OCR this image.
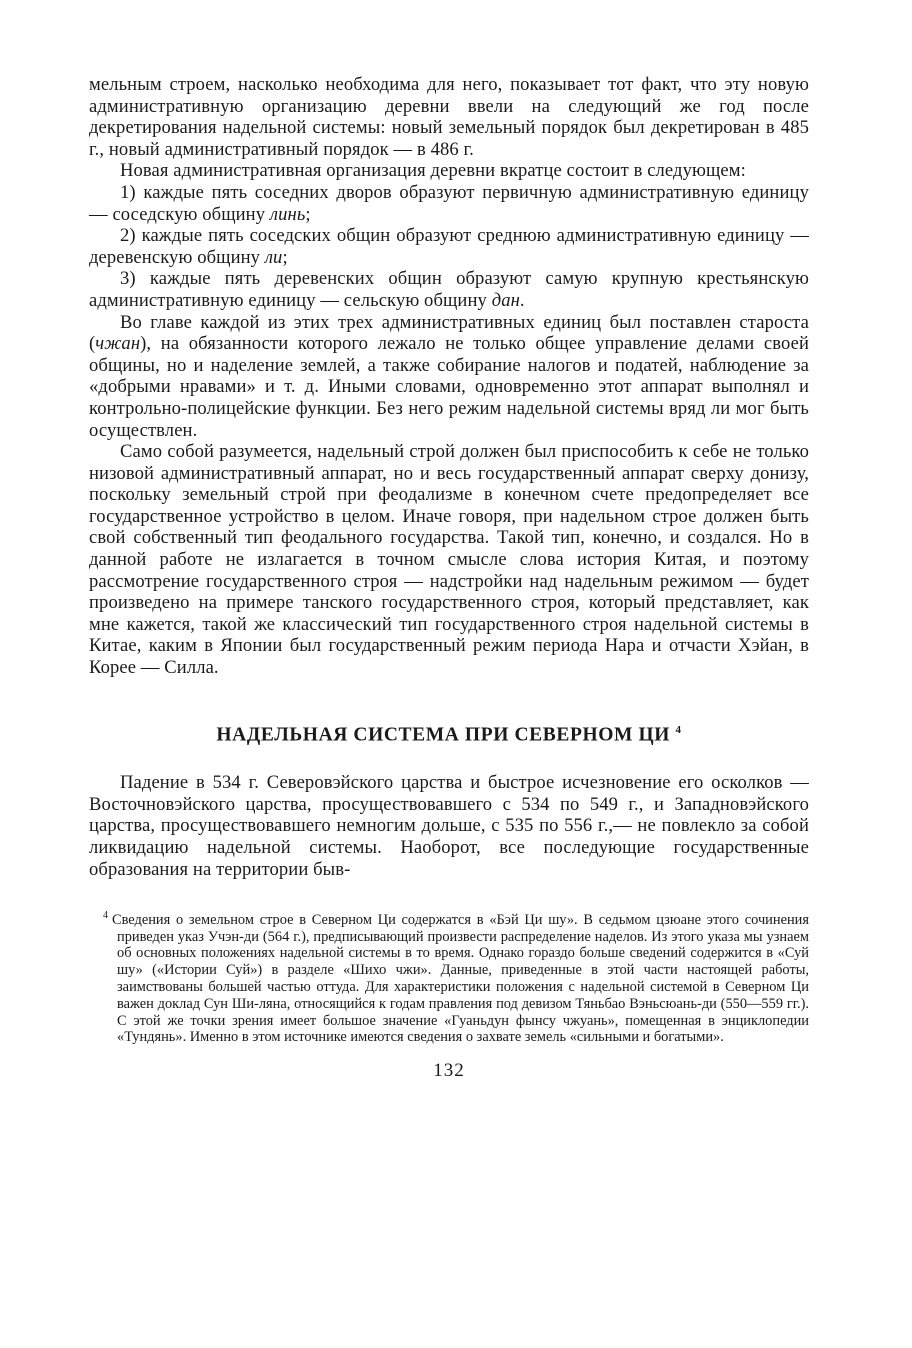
мельным строем, насколько необходима для него, показывает тот факт, что эту новую административную организацию деревни ввели на следующий же год после декретирования надельной системы: новый земельный порядок был декретирован в 485 г., новый административный порядок — в 486 г.

Новая административная организация деревни вкратце состоит в следующем:

1) каждые пять соседних дворов образуют первичную административную единицу — соседскую общину линь;

2) каждые пять соседских общин образуют среднюю административную единицу — деревенскую общину ли;

3) каждые пять деревенских общин образуют самую крупную крестьянскую административную единицу — сельскую общину дан.

Во главе каждой из этих трех административных единиц был поставлен староста (чжан), на обязанности которого лежало не только общее управление делами своей общины, но и наделение землей, а также собирание налогов и податей, наблюдение за «добрыми нравами» и т. д. Иными словами, одновременно этот аппарат выполнял и контрольно-полицейские функции. Без него режим надельной системы вряд ли мог быть осуществлен.

Само собой разумеется, надельный строй должен был приспособить к себе не только низовой административный аппарат, но и весь государственный аппарат сверху донизу, поскольку земельный строй при феодализме в конечном счете предопределяет все государственное устройство в целом. Иначе говоря, при надельном строе должен быть свой собственный тип феодального государства. Такой тип, конечно, и создался. Но в данной работе не излагается в точном смысле слова история Китая, и поэтому рассмотрение государственного строя — надстройки над надельным режимом — будет произведено на примере танского государственного строя, который представляет, как мне кажется, такой же классический тип государственного строя надельной системы в Китае, каким в Японии был государственный режим периода Нара и отчасти Хэйан, в Корее — Силла.

НАДЕЛЬНАЯ СИСТЕМА ПРИ СЕВЕРНОМ ЦИ $^4$

Падение в 534 г. Северовэйского царства и быстрое исчезновение его осколков — Восточновэйского царства, просуществовавшего с 534 по 549 г., и Западновэйского царства, просуществовавшего немногим дольше, с 535 по 556 г.,— не повлекло за собой ликвидацию надельной системы. Наоборот, все последующие государственные образования на территории быв-

$^4$ Сведения о земельном строе в Северном Ци содержатся в «Бэй Ци шу». В седьмом цзюане этого сочинения приведен указ Учэн-ди (564 г.), предписывающий произвести распределение наделов. Из этого указа мы узнаем об основных положениях надельной системы в то время. Однако гораздо больше сведений содержится в «Суй шу» («Истории Суй») в разделе «Шихо чжи». Данные, приведенные в этой части настоящей работы, заимствованы большей частью оттуда. Для характеристики положения с надельной системой в Северном Ци важен доклад Сун Ши-ляна, относящийся к годам правления под девизом Тяньбао Вэньсюань-ди (550—559 гг.). С этой же точки зрения имеет большое значение «Гуаньдун фынсу чжуань», помещенная в энциклопедии «Тундянь». Именно в этом источнике имеются сведения о захвате земель «сильными и богатыми».
132
